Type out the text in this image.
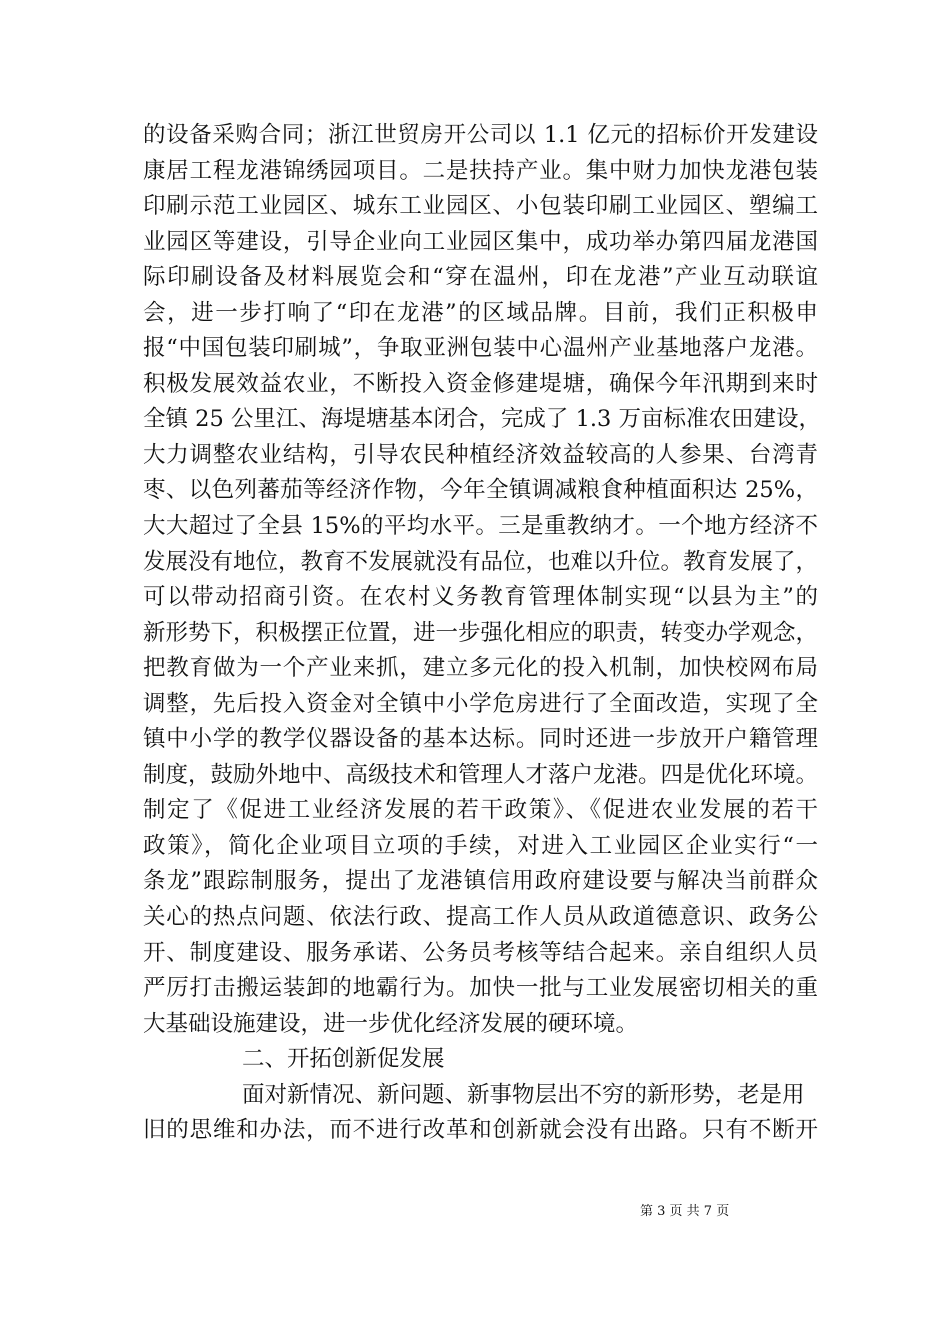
的设备采购合同；浙江世贸房开公司以 1.1 亿元的招标价开发建设
康居工程龙港锦绣园项目。二是扶持产业。集中财力加快龙港包装
印刷示范工业园区、城东工业园区、小包装印刷工业园区、塑编工
业园区等建设，引导企业向工业园区集中，成功举办第四届龙港国
际印刷设备及材料展览会和“穿在温州，印在龙港”产业互动联谊
会，进一步打响了“印在龙港”的区域品牌。目前，我们正积极申
报“中国包装印刷城”，争取亚洲包装中心温州产业基地落户龙港。
积极发展效益农业，不断投入资金修建堤塘，确保今年汛期到来时
全镇 25 公里江、海堤塘基本闭合，完成了 1.3 万亩标准农田建设，
大力调整农业结构，引导农民种植经济效益较高的人参果、台湾青
枣、以色列蕃茄等经济作物，今年全镇调减粮食种植面积达 25%，
大大超过了全县 15%的平均水平。三是重教纳才。一个地方经济不
发展没有地位，教育不发展就没有品位，也难以升位。教育发展了，
可以带动招商引资。在农村义务教育管理体制实现“以县为主”的
新形势下，积极摆正位置，进一步强化相应的职责，转变办学观念，
把教育做为一个产业来抓，建立多元化的投入机制，加快校网布局
调整，先后投入资金对全镇中小学危房进行了全面改造，实现了全
镇中小学的教学仪器设备的基本达标。同时还进一步放开户籍管理
制度，鼓励外地中、高级技术和管理人才落户龙港。四是优化环境。
制定了《促进工业经济发展的若干政策》、《促进农业发展的若干
政策》，简化企业项目立项的手续，对进入工业园区企业实行“一
条龙”跟踪制服务，提出了龙港镇信用政府建设要与解决当前群众
关心的热点问题、依法行政、提高工作人员从政道德意识、政务公
开、制度建设、服务承诺、公务员考核等结合起来。亲自组织人员
严厉打击搬运装卸的地霸行为。加快一批与工业发展密切相关的重
大基础设施建设，进一步优化经济发展的硬环境。
二、开拓创新促发展
面对新情况、新问题、新事物层出不穷的新形势，老是用
旧的思维和办法，而不进行改革和创新就会没有出路。只有不断开
第 3 页 共 7 页
